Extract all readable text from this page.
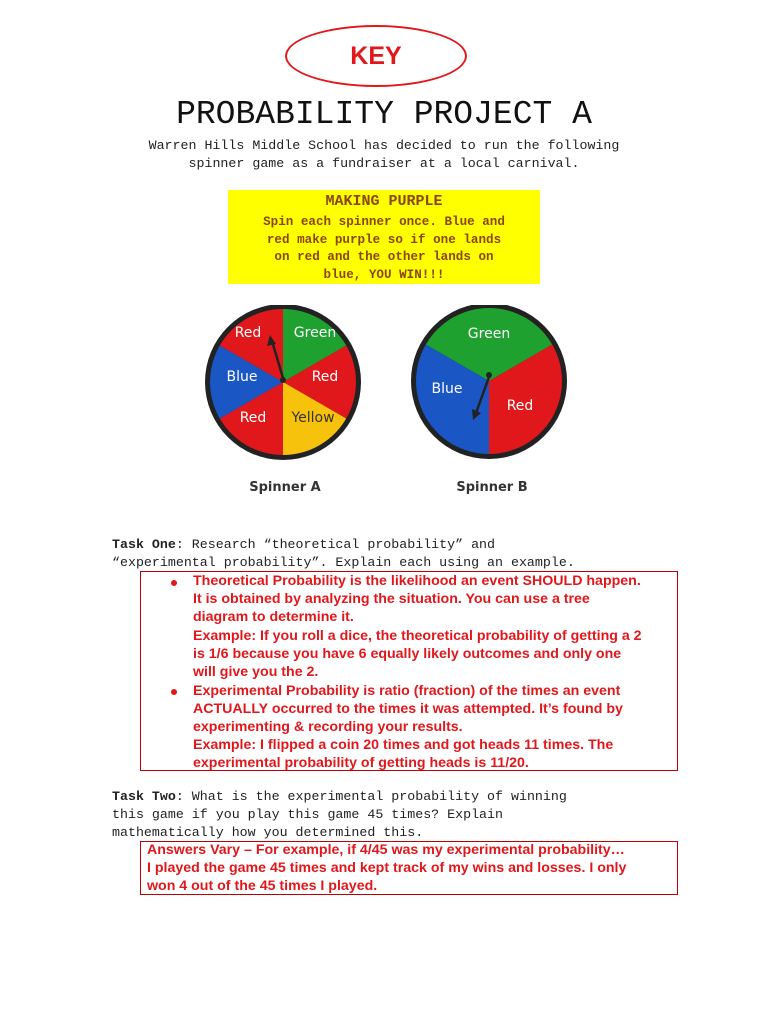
KEY
PROBABILITY PROJECT A
Warren Hills Middle School has decided to run the following
spinner game as a fundraiser at a local carnival.
MAKING PURPLE
Spin each spinner once. Blue and
red make purple so if one lands
on red and the other lands on
blue, YOU WIN!!!
Red Green
Blue	Red
Red Yellow
Spinner A
Green
Blue
Red
Spinner B
Task One: Research “theoretical probability” and
“experimental probability”. Explain each using an example.
Theoretical Probability is the likelihood an event SHOULD happen.
It is obtained by analyzing the situation. You can use a tree
diagram to determine it.
Example: If you roll a dice, the theoretical probability of getting a 2
is 1/6 because you have 6 equally likely outcomes and only one
will give you the 2.
Experimental Probability is ratio (fraction) of the times an event
ACTUALLY occurred to the times it was attempted. It’s found by
experimenting & recording your results.
Example: I flipped a coin 20 times and got heads 11 times. The
experimental probability of getting heads is 11/20.
Task Two: What is the experimental probability of winning
this game if you play this game 45 times? Explain
mathematically how you determined this.
Answers Vary – For example, if 4/45 was my experimental probability…
I played the game 45 times and kept track of my wins and losses. I only
won 4 out of the 45 times I played.
